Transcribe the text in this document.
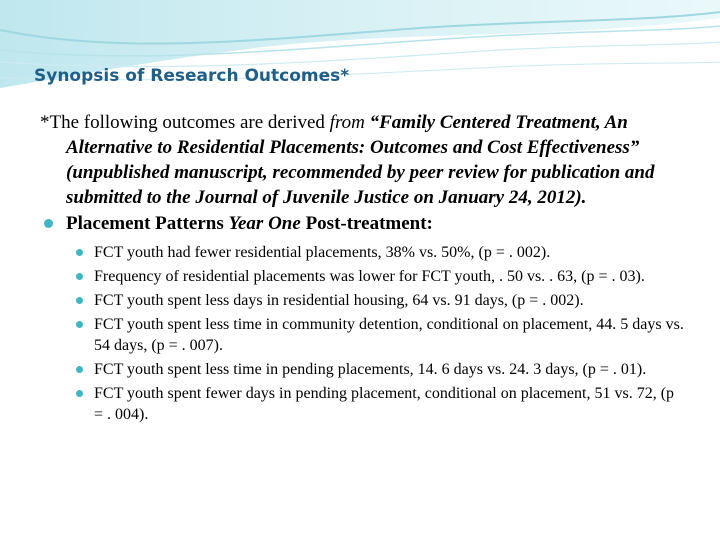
Synopsis of Research Outcomes*
*The following outcomes are derived from “Family Centered Treatment, An Alternative to Residential Placements: Outcomes and Cost Effectiveness” (unpublished manuscript, recommended by peer review for publication and submitted to the Journal of Juvenile Justice on January 24, 2012).
Placement Patterns Year One Post-treatment:
FCT youth had fewer residential placements, 38% vs. 50%, (p = . 002).
Frequency of residential placements was lower for FCT youth, . 50 vs. . 63, (p = . 03).
FCT youth spent less days in residential housing, 64 vs. 91 days, (p = . 002).
FCT youth spent less time in community detention, conditional on placement, 44. 5 days vs. 54 days, (p = . 007).
FCT youth spent less time in pending placements, 14. 6 days vs. 24. 3 days, (p = . 01).
FCT youth spent fewer days in pending placement, conditional on placement, 51 vs. 72, (p = . 004).
